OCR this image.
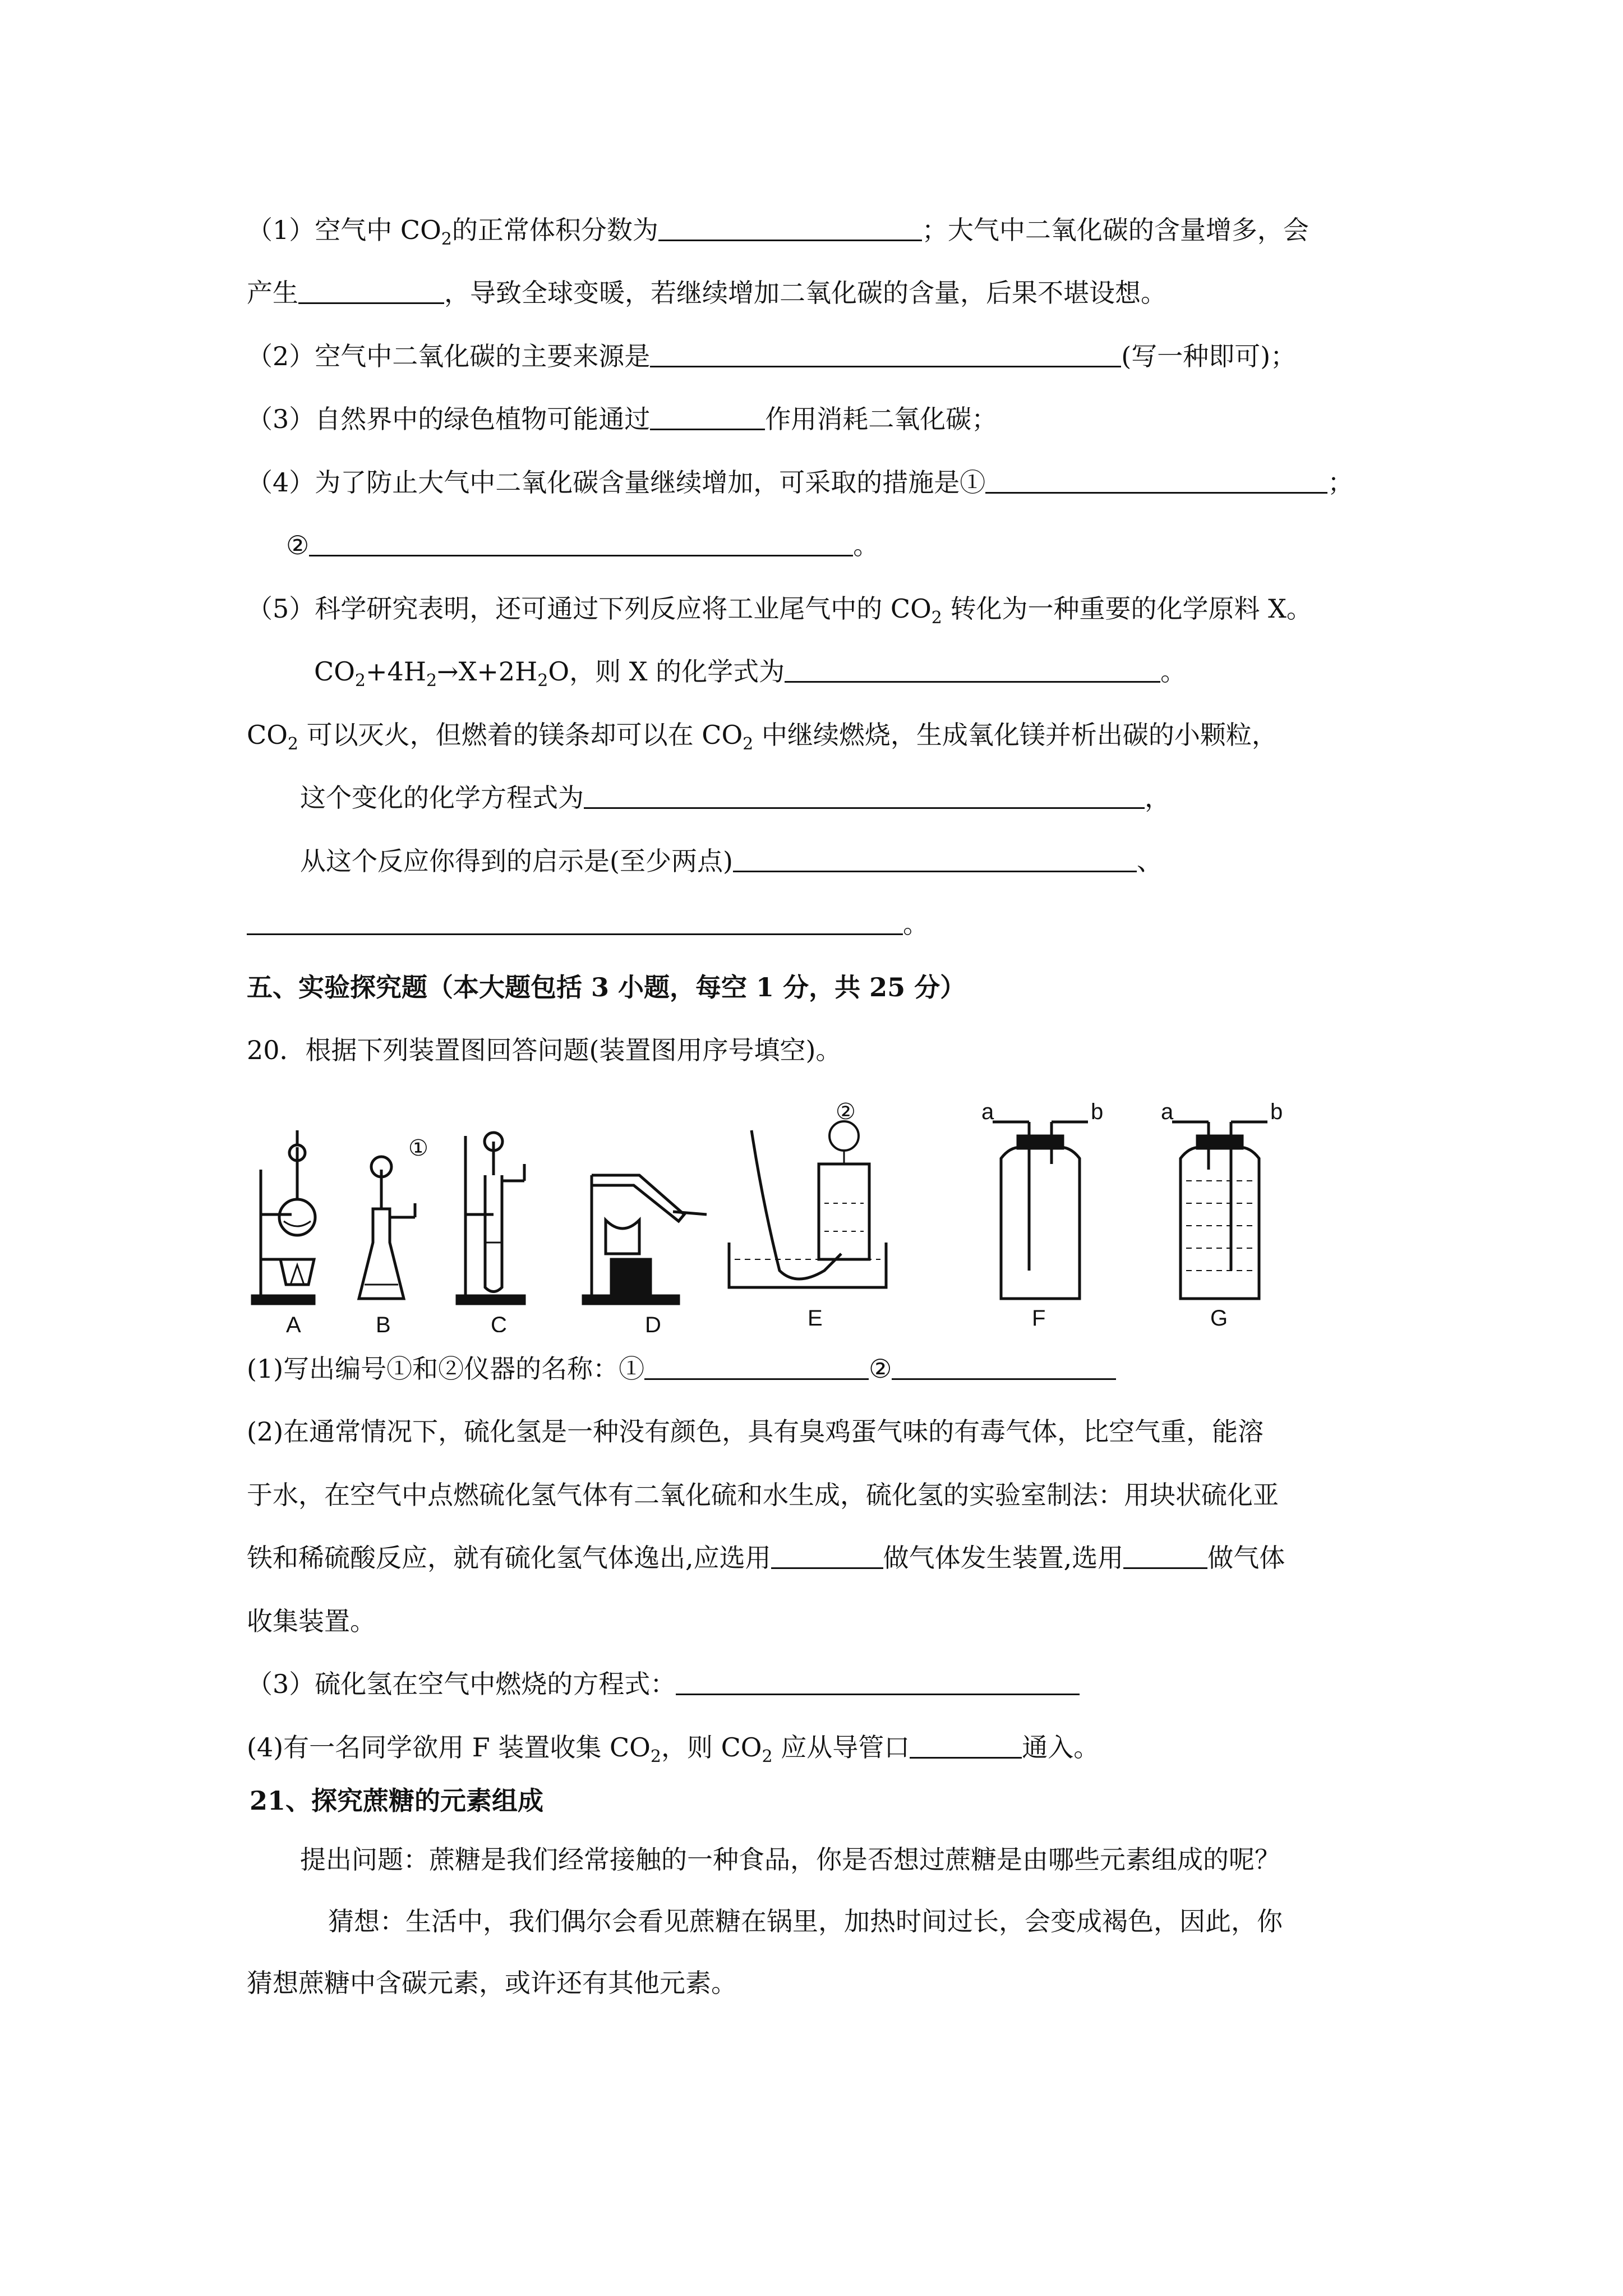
（1）空气中 $CO_2$的正常体积分数为	；大气中二氧化碳的含量增多，会
产生	，导致全球变暖，若继续增加二氧化碳的含量，后果不堪设想。
（2）空气中二氧化碳的主要来源是	(写一种即可)；
（3）自然界中的绿色植物可能通过	作用消耗二氧化碳；
（4）为了防止大气中二氧化碳含量继续增加，可采取的措施是①	；
②	。
（5）科学研究表明，还可通过下列反应将工业尾气中的 $CO_2$ 转化为一种重要的化学原料 X。
$CO_2+4H_2\to X+2H_2O$，则 X 的化学式为	。
$CO_2$ 可以灭火，但燃着的镁条却可以在 $CO_2$ 中继续燃烧，生成氧化镁并析出碳的小颗粒，
这个变化的化学方程式为	，
从这个反应你得到的启示是(至少两点)	、
。
五、实验探究题（本大题包括 3 小题，每空 1 分，共 25 分）
20．根据下列装置图回答问题(装置图用序号填空)。
①
②	a	b	a	b
A	B	C	D	E	F	G
(1)写出编号①和②仪器的名称：①	②
(2)在通常情况下，硫化氢是一种没有颜色，具有臭鸡蛋气味的有毒气体，比空气重，能溶
于水，在空气中点燃硫化氢气体有二氧化硫和水生成，硫化氢的实验室制法：用块状硫化亚
铁和稀硫酸反应，就有硫化氢气体逸出,应选用	做气体发生装置,选用	做气体
收集装置。
（3）硫化氢在空气中燃烧的方程式：
(4)有一名同学欲用 F 装置收集 $CO_2$，则 $CO_2$ 应从导管口	通入。
21、探究蔗糖的元素组成
提出问题：蔗糖是我们经常接触的一种食品，你是否想过蔗糖是由哪些元素组成的呢？
猜想：生活中，我们偶尔会看见蔗糖在锅里，加热时间过长，会变成褐色，因此，你
猜想蔗糖中含碳元素，或许还有其他元素。
